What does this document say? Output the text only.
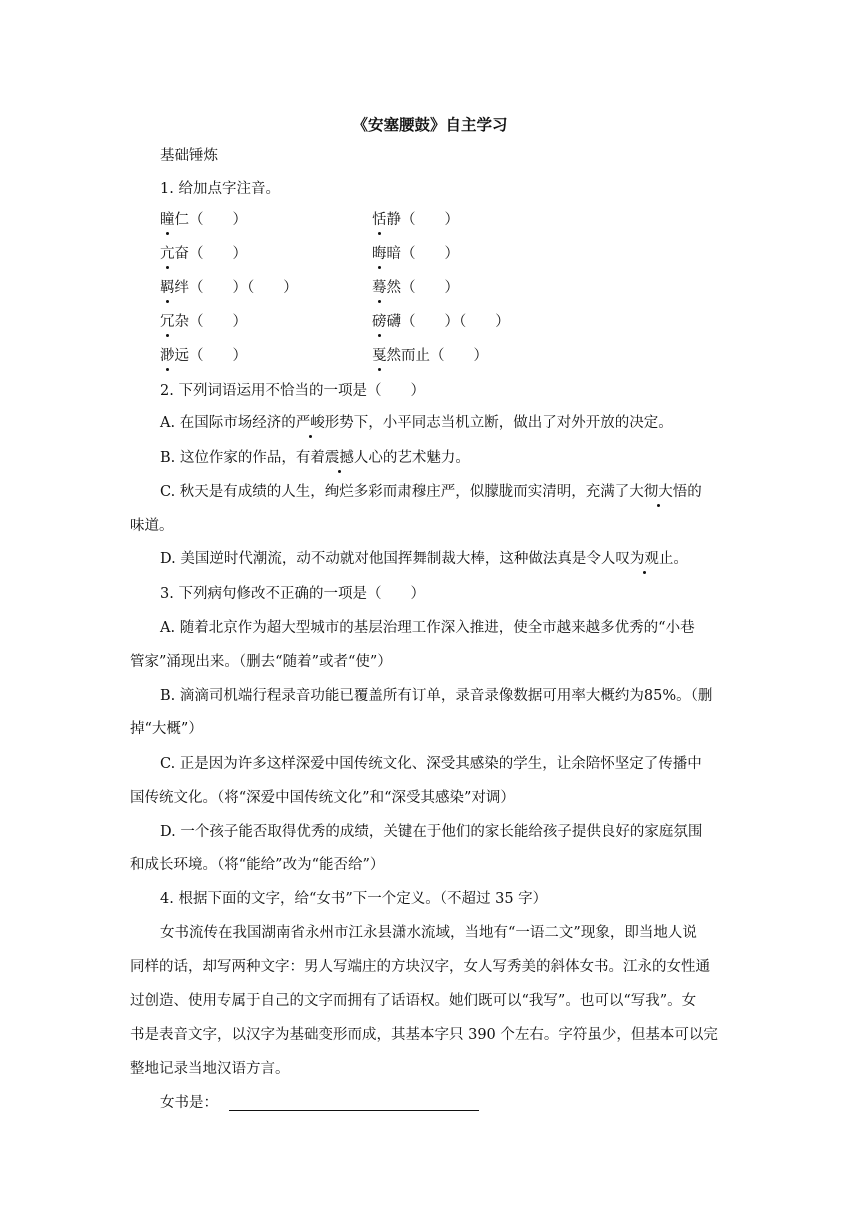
《安塞腰鼓》自主学习
基础锤炼
1. 给加点字注音。
瞳仁（　　）	恬静（　　）
亢奋（　　）	晦暗（　　）
羁绊（　　）（　　）	蓦然（　　）
冗杂（　　）	磅礴（　　）（　　）
渺远（　　）	戛然而止（　　）
2. 下列词语运用不恰当的一项是（　　）
A. 在国际市场经济的严峻形势下，小平同志当机立断，做出了对外开放的决定。
B. 这位作家的作品，有着震撼人心的艺术魅力。
C. 秋天是有成绩的人生，绚烂多彩而肃穆庄严，似朦胧而实清明，充满了大彻大悟的
味道。
D. 美国逆时代潮流，动不动就对他国挥舞制裁大棒，这种做法真是令人叹为观止。
3. 下列病句修改不正确的一项是（　　）
A. 随着北京作为超大型城市的基层治理工作深入推进，使全市越来越多优秀的“小巷
管家”涌现出来。（删去“随着”或者“使”）
B. 滴滴司机端行程录音功能已覆盖所有订单，录音录像数据可用率大概约为85%。（删
掉“大概”）
C. 正是因为许多这样深爱中国传统文化、深受其感染的学生，让余陪怀坚定了传播中
国传统文化。（将“深爱中国传统文化”和“深受其感染”对调）
D. 一个孩子能否取得优秀的成绩，关键在于他们的家长能给孩子提供良好的家庭氛围
和成长环境。（将“能给”改为“能否给”）
4. 根据下面的文字，给“女书”下一个定义。（不超过 35 字）
女书流传在我国湖南省永州市江永县潇水流域，当地有“一语二文”现象，即当地人说
同样的话，却写两种文字：男人写端庄的方块汉字，女人写秀美的斜体女书。江永的女性通
过创造、使用专属于自己的文字而拥有了话语权。她们既可以“我写”。也可以“写我”。女
书是表音文字，以汉字为基础变形而成，其基本字只 390 个左右。字符虽少，但基本可以完
整地记录当地汉语方言。
女书是：
